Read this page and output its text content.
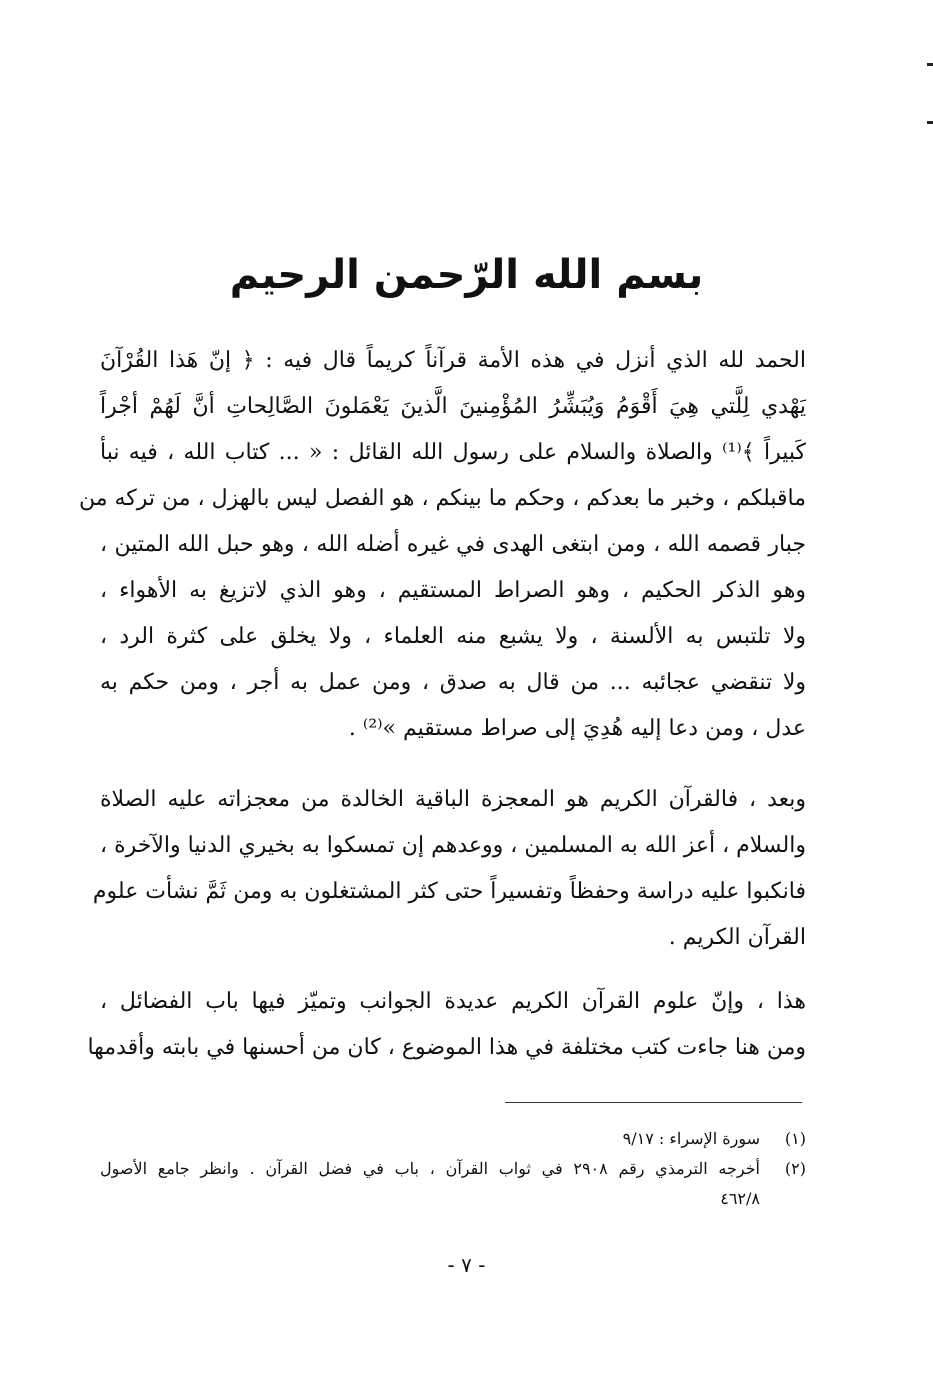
بسم الله الرّحمن الرحيم
الحمد لله الذي أنزل في هذه الأمة قرآناً كريماً قال فيه : ﴿ إنّ هَذا القُرْآنَ
يَهْدي لِلَّتي هِيَ أَقْوَمُ وَيُبَشِّرُ المُؤْمِنينَ الَّذينَ يَعْمَلونَ الصَّالِحاتِ أنَّ لَهُمْ أجْراً
كَبيراً ﴾⁽¹⁾ والصلاة والسلام على رسول الله القائل : « ... كتاب الله ، فيه نبأ
ماقبلكم ، وخبر ما بعدكم ، وحكم ما بينكم ، هو الفصل ليس بالهزل ، من تركه من
جبار قصمه الله ، ومن ابتغى الهدى في غيره أضله الله ، وهو حبل الله المتين ،
وهو الذكر الحكيم ، وهو الصراط المستقيم ، وهو الذي لاتزيغ به الأهواء ،
ولا تلتبس به الألسنة ، ولا يشبع منه العلماء ، ولا يخلق على كثرة الرد ،
ولا تنقضي عجائبه ... من قال به صدق ، ومن عمل به أجر ، ومن حكم به
عدل ، ومن دعا إليه هُدِيَ إلى صراط مستقيم »⁽²⁾ .
وبعد ، فالقرآن الكريم هو المعجزة الباقية الخالدة من معجزاته عليه الصلاة
والسلام ، أعز الله به المسلمين ، ووعدهم إن تمسكوا به بخيري الدنيا والآخرة ،
فانكبوا عليه دراسة وحفظاً وتفسيراً حتى كثر المشتغلون به ومن ثَمَّ نشأت علوم
القرآن الكريم .
هذا ، وإنّ علوم القرآن الكريم عديدة الجوانب وتميّز فيها باب الفضائل ،
ومن هنا جاءت كتب مختلفة في هذا الموضوع ، كان من أحسنها في بابته وأقدمها
(١)
سورة الإسراء : ٩/١٧
(٢)
أخرجه الترمذي رقم ٢٩٠٨ في ثواب القرآن ، باب في فضل القرآن . وانظر جامع الأصول
٤٦٢/٨
- ٧ -
